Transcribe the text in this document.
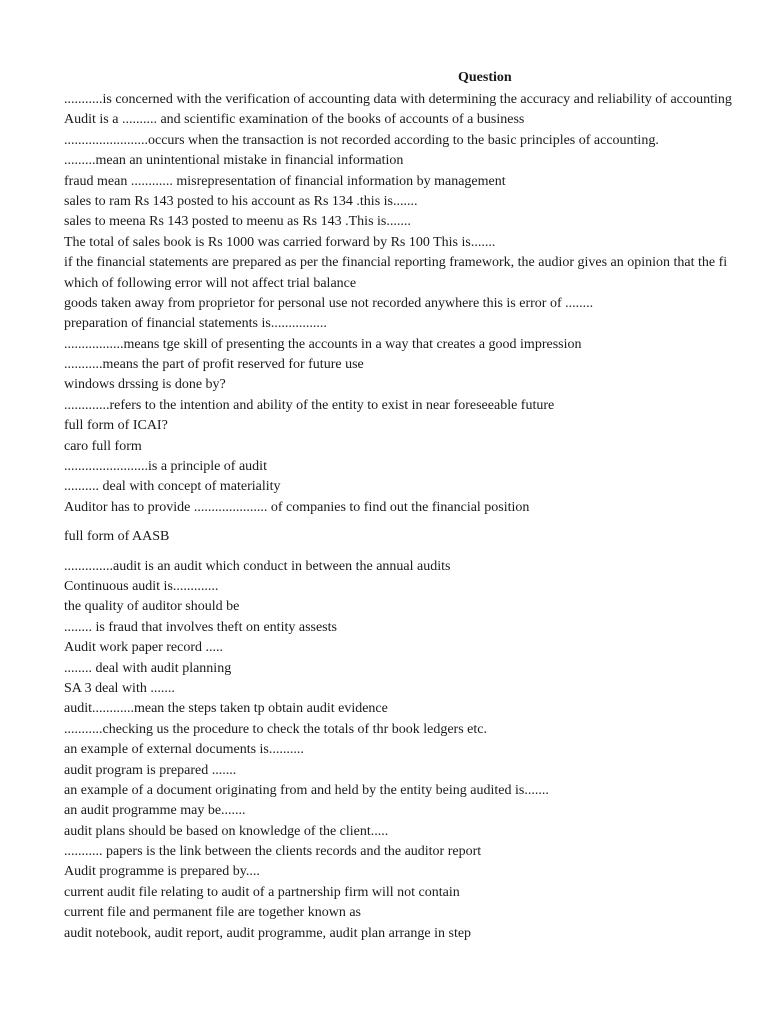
Question
...........is concerned with the verification of accounting data with determining the accuracy and reliability of accounting
Audit is a .......... and scientific examination of the books of accounts of a business
........................occurs when the transaction is not recorded according to the basic principles of accounting.
.........mean an unintentional mistake in financial information
fraud mean ............ misrepresentation of financial information by management
sales to ram Rs 143 posted to his account as Rs 134 .this is.......
sales to meena Rs 143 posted to meenu as Rs 143 .This is.......
The total of sales book is Rs 1000 was carried forward by Rs 100 This is.......
if the financial statements are prepared as per the financial reporting framework, the audior gives an opinion that the fi
which of following error will not affect trial balance
goods taken away from proprietor for personal use not recorded anywhere this is error of ........
preparation of financial statements is................
.................means tge skill of presenting the accounts in a way that creates a good impression
...........means the part of profit reserved for future use
windows drssing is done by?
.............refers to the intention and ability of the entity to exist in near foreseeable future
full form of ICAI?
caro full form
........................is a principle of audit
.......... deal with concept of materiality
Auditor has to provide ..................... of companies to find out the financial position
full form of AASB
..............audit is an audit which conduct in between the annual audits
Continuous audit is.............
the quality of auditor should be
........ is fraud that involves theft on entity assests
Audit work paper record .....
........ deal with audit planning
SA 3 deal with .......
audit............mean the steps taken tp obtain audit evidence
...........checking us the procedure to check the totals of thr book ledgers etc.
an example of external documents is..........
audit program is prepared .......
an example of a document originating from and held by the entity being audited is.......
an audit programme may be.......
audit plans should be based on knowledge of the client.....
........... papers is the link between the clients records and the auditor report
Audit programme is prepared by....
current audit file relating to audit of a partnership firm will not contain
current file and permanent file are together known as
audit notebook, audit report, audit programme, audit plan arrange in step
